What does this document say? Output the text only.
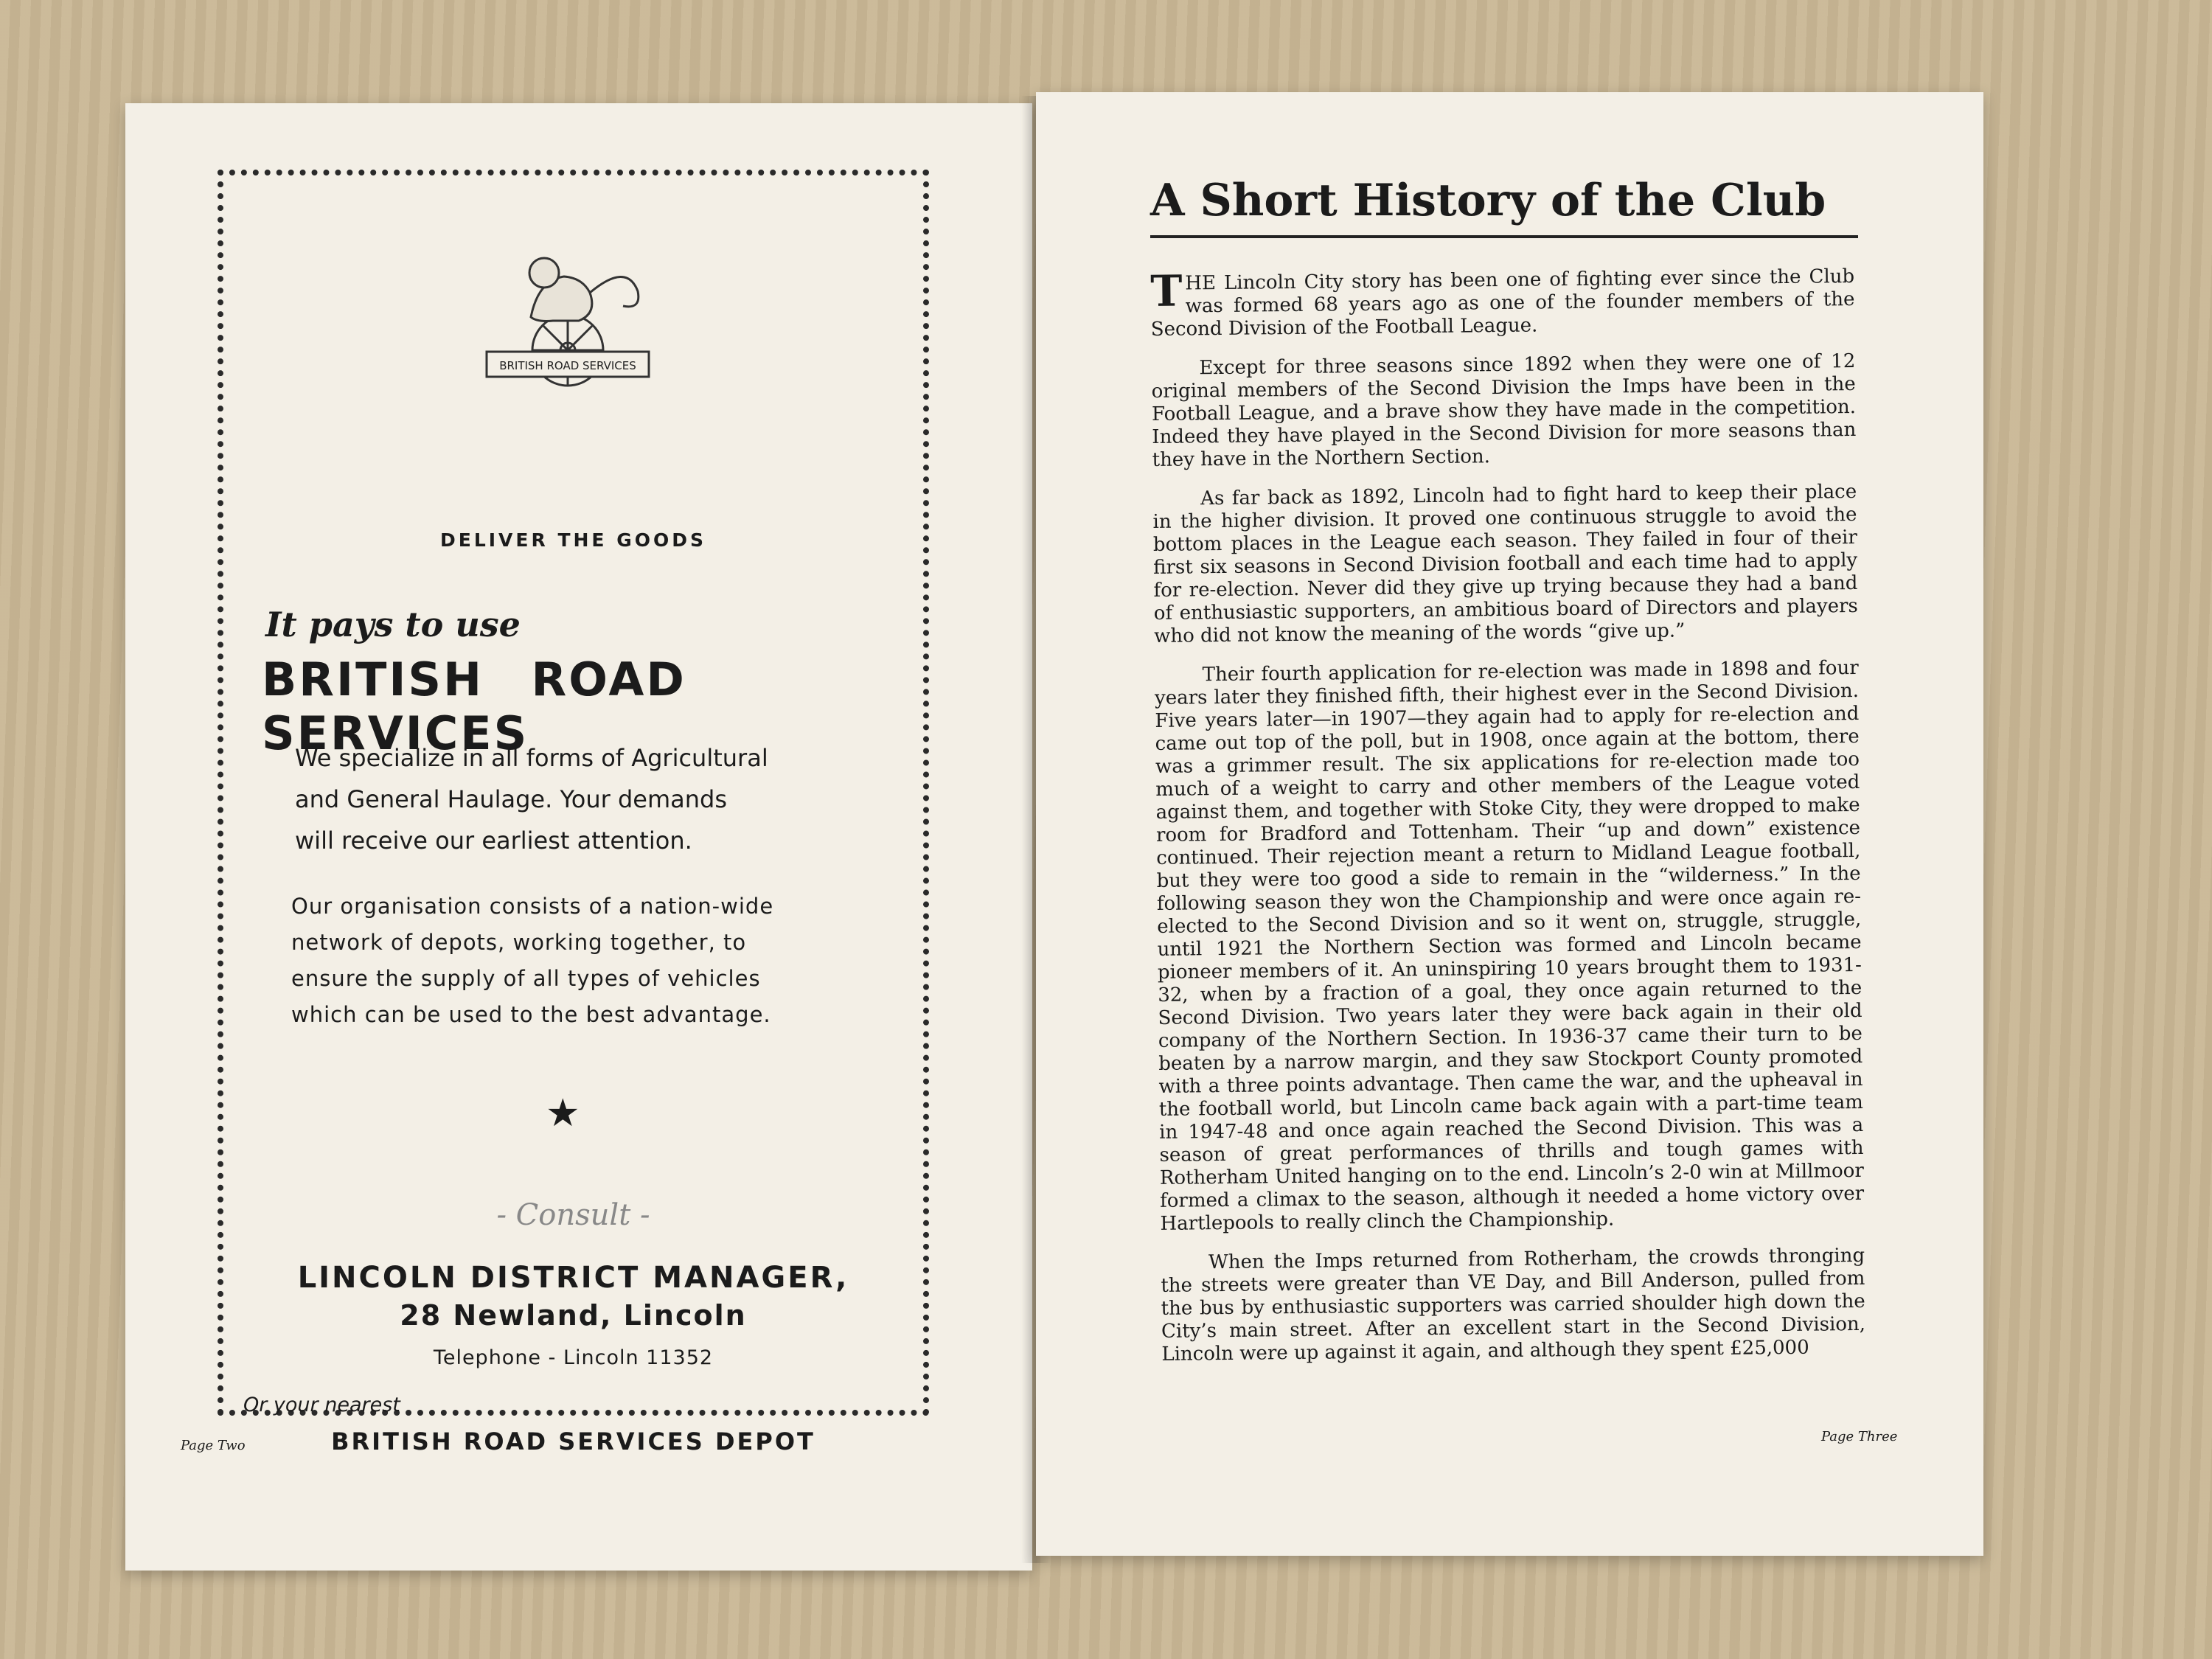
BRITISH ROAD SERVICES
DELIVER THE GOODS
It pays to use
BRITISH ROAD SERVICES
We specialize in all forms of Agricultural
and General Haulage. Your demands
will receive our earliest attention.
Our organisation consists of a nation-wide
network of depots, working together, to
ensure the supply of all types of vehicles
which can be used to the best advantage.
★
- Consult -
LINCOLN DISTRICT MANAGER,
28 Newland, Lincoln
Telephone - Lincoln 11352
Or your nearest
BRITISH ROAD SERVICES DEPOT
Page Two
A Short History of the Club

THE Lincoln City story has been one of fighting ever since the Club was formed 68 years ago as one of the founder members of the Second Division of the Football League.

Except for three seasons since 1892 when they were one of 12 original members of the Second Division the Imps have been in the Football League, and a brave show they have made in the competition. Indeed they have played in the Second Division for more seasons than they have in the Northern Section.

As far back as 1892, Lincoln had to fight hard to keep their place in the higher division. It proved one continuous struggle to avoid the bottom places in the League each season. They failed in four of their first six seasons in Second Division football and each time had to apply for re-election. Never did they give up trying because they had a band of enthusiastic supporters, an ambitious board of Directors and players who did not know the meaning of the words “give up.”

Their fourth application for re-election was made in 1898 and four years later they finished fifth, their highest ever in the Second Division. Five years later—in 1907—they again had to apply for re-election and came out top of the poll, but in 1908, once again at the bottom, there was a grimmer result. The six applications for re-election made too much of a weight to carry and other members of the League voted against them, and together with Stoke City, they were dropped to make room for Bradford and Tottenham. Their “up and down” existence continued. Their rejection meant a return to Midland League football, but they were too good a side to remain in the “wilderness.” In the following season they won the Championship and were once again re-elected to the Second Division and so it went on, struggle, struggle, until 1921 the Northern Section was formed and Lincoln became pioneer members of it. An uninspiring 10 years brought them to 1931-32, when by a fraction of a goal, they once again returned to the Second Division. Two years later they were back again in their old company of the Northern Section. In 1936-37 came their turn to be beaten by a narrow margin, and they saw Stockport County promoted with a three points advantage. Then came the war, and the upheaval in the football world, but Lincoln came back again with a part-time team in 1947-48 and once again reached the Second Division. This was a season of great performances of thrills and tough games with Rotherham United hanging on to the end. Lincoln’s 2-0 win at Millmoor formed a climax to the season, although it needed a home victory over Hartlepools to really clinch the Championship.

When the Imps returned from Rotherham, the crowds thronging the streets were greater than VE Day, and Bill Anderson, pulled from the bus by enthusiastic supporters was carried shoulder high down the City’s main street. After an excellent start in the Second Division, Lincoln were up against it again, and although they spent £25,000

Page Three
